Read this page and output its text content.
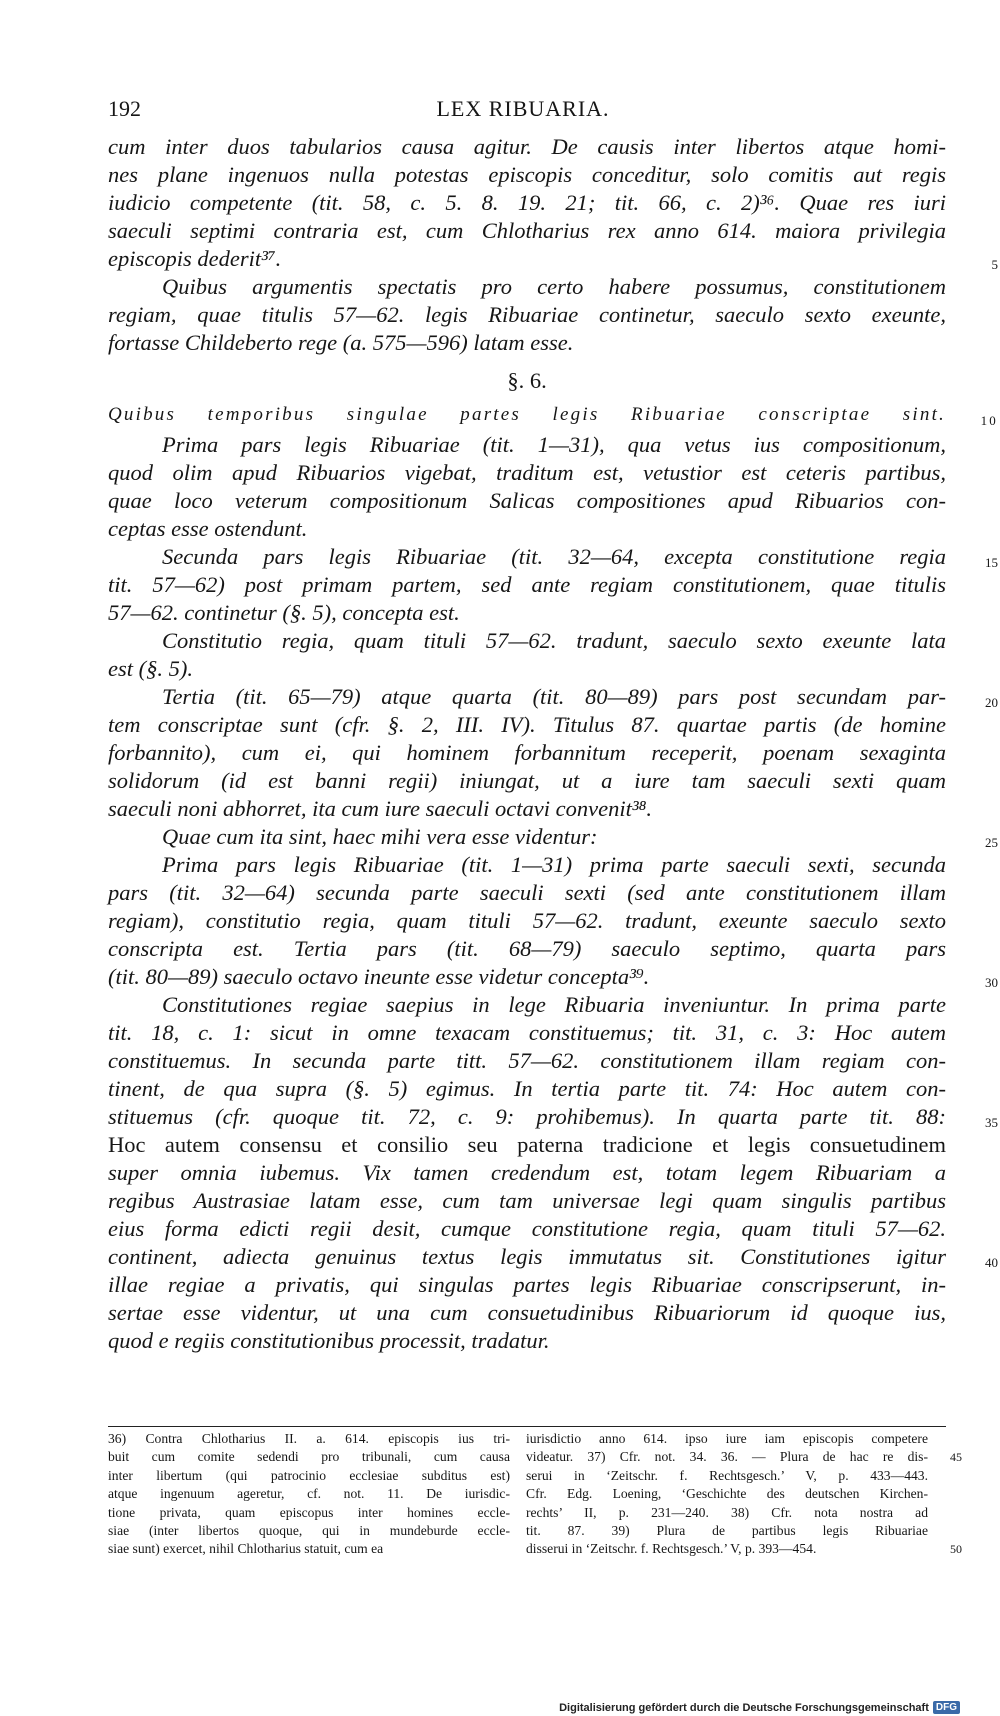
192	LEX RIBUARIA.
cum inter duos tabularios causa agitur. De causis inter libertos atque homi-
nes plane ingenuos nulla potestas episcopis conceditur, solo comitis aut regis
iudicio competente (tit. 58, c. 5. 8. 19. 21; tit. 66, c. 2)³⁶. Quae res iuri
saeculi septimi contraria est, cum Chlotharius rex anno 614. maiora privilegia
episcopis dederit³⁷.	5
Quibus argumentis spectatis pro certo habere possumus, constitutionem
regiam, quae titulis 57—62. legis Ribuariae continetur, saeculo sexto exeunte,
fortasse Childeberto rege (a. 575—596) latam esse.
§. 6.
Quibus temporibus singulae partes legis Ribuariae conscriptae sint.	10
Prima pars legis Ribuariae (tit. 1—31), qua vetus ius compositionum,
quod olim apud Ribuarios vigebat, traditum est, vetustior est ceteris partibus,
quae loco veterum compositionum Salicas compositiones apud Ribuarios con-
ceptas esse ostendunt.
Secunda pars legis Ribuariae (tit. 32—64, excepta constitutione regia	15
tit. 57—62) post primam partem, sed ante regiam constitutionem, quae titulis
57—62. continetur (§. 5), concepta est.
Constitutio regia, quam tituli 57—62. tradunt, saeculo sexto exeunte lata
est (§. 5).
Tertia (tit. 65—79) atque quarta (tit. 80—89) pars post secundam par-	20
tem conscriptae sunt (cfr. §. 2, III. IV). Titulus 87. quartae partis (de homine
forbannito), cum ei, qui hominem forbannitum receperit, poenam sexaginta
solidorum (id est banni regii) iniungat, ut a iure tam saeculi sexti quam
saeculi noni abhorret, ita cum iure saeculi octavi convenit³⁸.
Quae cum ita sint, haec mihi vera esse videntur:	25
Prima pars legis Ribuariae (tit. 1—31) prima parte saeculi sexti, secunda
pars (tit. 32—64) secunda parte saeculi sexti (sed ante constitutionem illam
regiam), constitutio regia, quam tituli 57—62. tradunt, exeunte saeculo sexto
conscripta est. Tertia pars (tit. 68—79) saeculo septimo, quarta pars
(tit. 80—89) saeculo octavo ineunte esse videtur concepta³⁹.	30
Constitutiones regiae saepius in lege Ribuaria inveniuntur. In prima parte
tit. 18, c. 1: sicut in omne texacam constituemus; tit. 31, c. 3: Hoc autem
constituemus. In secunda parte titt. 57—62. constitutionem illam regiam con-
tinent, de qua supra (§. 5) egimus. In tertia parte tit. 74: Hoc autem con-
stituemus (cfr. quoque tit. 72, c. 9: prohibemus). In quarta parte tit. 88:	35
Hoc autem consensu et consilio seu paterna tradicione et legis consuetudinem
super omnia iubemus. Vix tamen credendum est, totam legem Ribuariam a
regibus Austrasiae latam esse, cum tam universae legi quam singulis partibus
eius forma edicti regii desit, cumque constitutione regia, quam tituli 57—62.
continent, adiecta genuinus textus legis immutatus sit. Constitutiones igitur	40
illae regiae a privatis, qui singulas partes legis Ribuariae conscripserunt, in-
sertae esse videntur, ut una cum consuetudinibus Ribuariorum id quoque ius,
quod e regiis constitutionibus processit, tradatur.
36) Contra Chlotharius II. a. 614. episcopis ius tri-
buit cum comite sedendi pro tribunali, cum causa
inter libertum (qui patrocinio ecclesiae subditus est)
atque ingenuum ageretur, cf. not. 11. De iurisdic-
tione privata, quam episcopus inter homines eccle-
siae (inter libertos quoque, qui in mundeburde eccle-
siae sunt) exercet, nihil Chlotharius statuit, cum ea
iurisdictio anno 614. ipso iure iam episcopis competere
videatur. 37) Cfr. not. 34. 36. — Plura de hac re dis- 45
serui in ‘Zeitschr. f. Rechtsgesch.’ V, p. 433—443.
Cfr. Edg. Loening, ‘Geschichte des deutschen Kirchen-
rechts’ II, p. 231—240. 38) Cfr. nota nostra ad
tit. 87. 39) Plura de partibus legis Ribuariae
disserui in ‘Zeitschr. f. Rechtsgesch.’ V, p. 393—454.	50
Digitalisierung gefördert durch die Deutsche Forschungsgemeinschaft DFG
